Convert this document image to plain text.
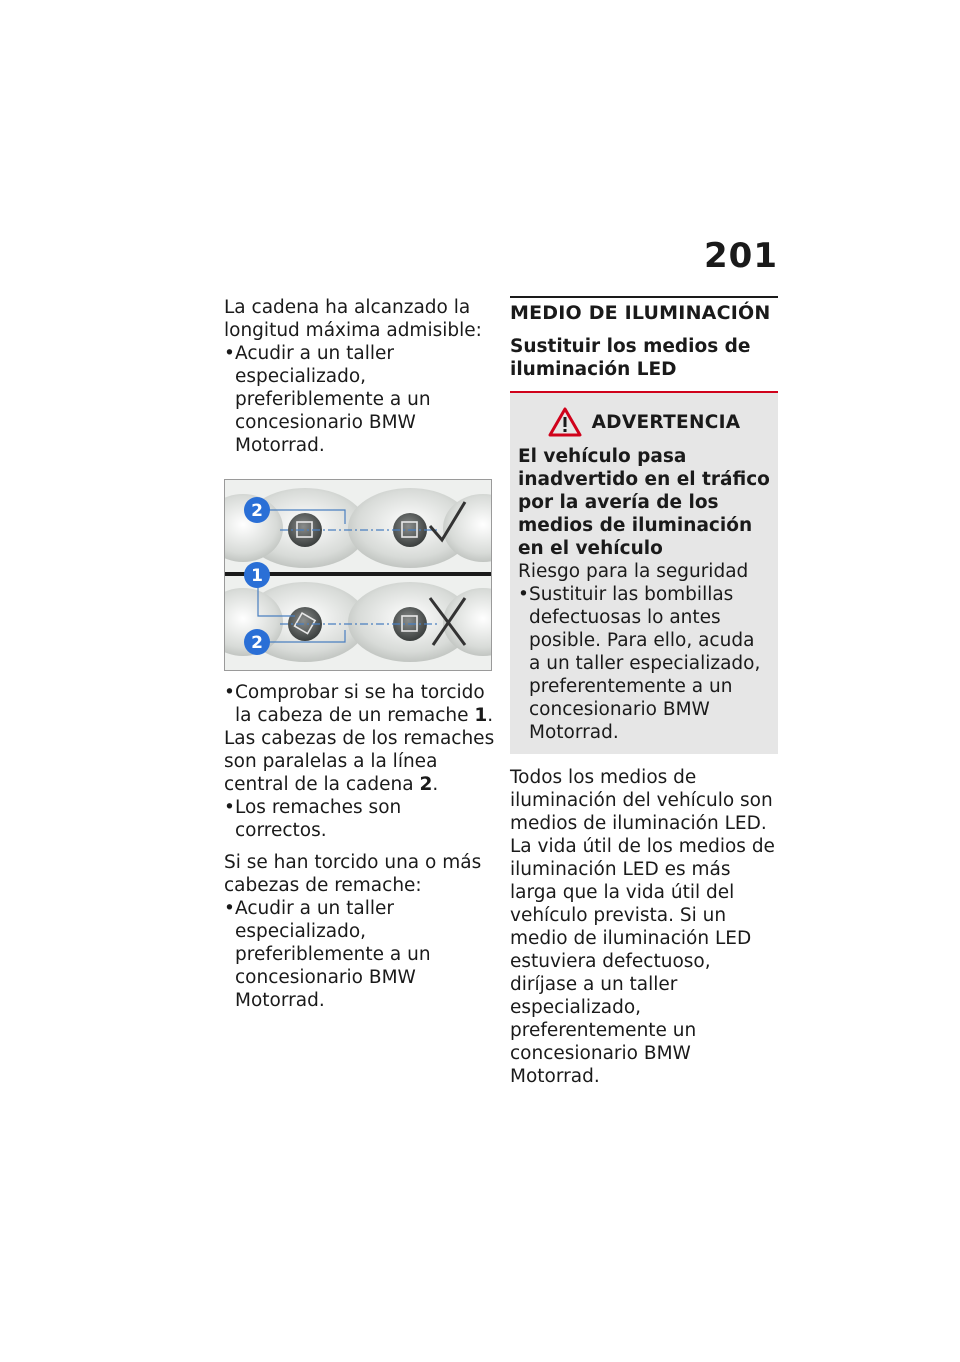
201

La cadena ha alcanzado la longitud máxima admisible:

• Acudir a un taller especializado, preferiblemente a un concesionario BMW Motorrad.

2
1
2

• Comprobar si se ha torcido la cabeza de un remache 1.

Las cabezas de los remaches son paralelas a la línea central de la cadena 2.

• Los remaches son correctos.

Si se han torcido una o más cabezas de remache:

• Acudir a un taller especializado, preferiblemente a un concesionario BMW Motorrad.

MEDIO DE ILUMINACIÓN
Sustituir los medios de iluminación LED
ADVERTENCIA

El vehículo pasa inadvertido en el tráfico por la avería de los medios de iluminación en el vehículo

Riesgo para la seguridad

• Sustituir las bombillas defectuosas lo antes posible. Para ello, acuda a un taller especializado, preferentemente a un concesionario BMW Motorrad.

Todos los medios de iluminación del vehículo son medios de iluminación LED. La vida útil de los medios de iluminación LED es más larga que la vida útil del vehículo prevista. Si un medio de iluminación LED estuviera defectuoso, diríjase a un taller especializado, preferentemente un concesionario BMW Motorrad.
